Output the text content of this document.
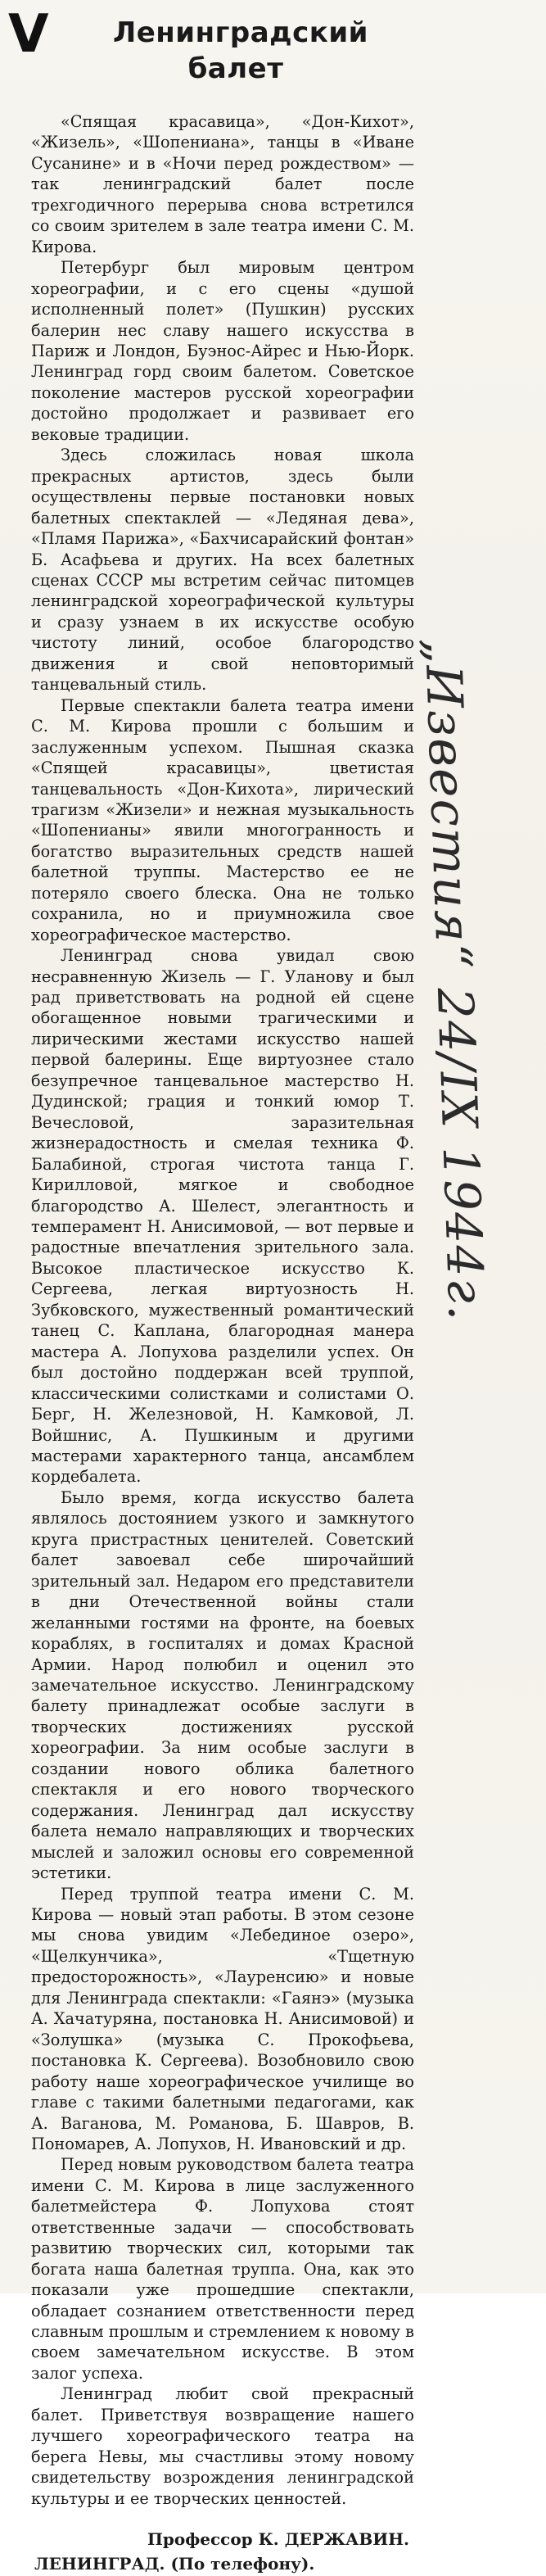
V Ленинградский
балет

«Спящая красавица», «Дон-Кихот», «Жизель», «Шопениана», танцы в «Иване Сусанине» и в «Ночи перед рождеством» — так ленинградский балет после трехгодичного перерыва снова встретился со своим зрителем в зале театра имени С. М. Кирова.

Петербург был мировым центром хореографии, и с его сцены «душой исполненный полет» (Пушкин) русских балерин нес славу нашего искусства в Париж и Лондон, Буэнос-Айрес и Нью-Йорк. Ленинград горд своим балетом. Советское поколение мастеров русской хореографии достойно продолжает и развивает его вековые традиции.

Здесь сложилась новая школа прекрасных артистов, здесь были осуществлены первые постановки новых балетных спектаклей — «Ледяная дева», «Пламя Парижа», «Бахчисарайский фонтан» Б. Асафьева и других. На всех балетных сценах СССР мы встретим сейчас питомцев ленинградской хореографической культуры и сразу узнаем в их искусстве особую чистоту линий, особое благородство движения и свой неповторимый танцевальный стиль.

Первые спектакли балета театра имени С. М. Кирова прошли с большим и заслуженным успехом. Пышная сказка «Спящей красавицы», цветистая танцевальность «Дон-Кихота», лирический трагизм «Жизели» и нежная музыкальность «Шопенианы» явили многогранность и богатство выразительных средств нашей балетной труппы. Мастерство ее не потеряло своего блеска. Она не только сохранила, но и приумножила свое хореографическое мастерство.

Ленинград снова увидал свою несравненную Жизель — Г. Уланову и был рад приветствовать на родной ей сцене обогащенное новыми трагическими и лирическими жестами искусство нашей первой балерины. Еще виртуознее стало безупречное танцевальное мастерство Н. Дудинской; грация и тонкий юмор Т. Вечесловой, заразительная жизнерадостность и смелая техника Ф. Балабиной, строгая чистота танца Г. Кирилловой, мягкое и свободное благородство А. Шелест, элегантность и темперамент Н. Анисимовой, — вот первые и радостные впечатления зрительного зала. Высокое пластическое искусство К. Сергеева, легкая виртуозность Н. Зубковского, мужественный романтический танец С. Каплана, благородная манера мастера А. Лопухова разделили успех. Он был достойно поддержан всей труппой, классическими солистками и солистами О. Берг, Н. Железновой, Н. Камковой, Л. Войшнис, А. Пушкиным и другими мастерами характерного танца, ансамблем кордебалета.

Было время, когда искусство балета являлось достоянием узкого и замкнутого круга пристрастных ценителей. Советский балет завоевал себе широчайший зрительный зал. Недаром его представители в дни Отечественной войны стали желанными гостями на фронте, на боевых кораблях, в госпиталях и домах Красной Армии. Народ полюбил и оценил это замечательное искусство. Ленинградскому балету принадлежат особые заслуги в творческих достижениях русской хореографии. За ним особые заслуги в создании нового облика балетного спектакля и его нового творческого содержания. Ленинград дал искусству балета немало направляющих и творческих мыслей и заложил основы его современной эстетики.

Перед труппой театра имени С. М. Кирова — новый этап работы. В этом сезоне мы снова увидим «Лебединое озеро», «Щелкунчика», «Тщетную предосторожность», «Лауренсию» и новые для Ленинграда спектакли: «Гаянэ» (музыка А. Хачатуряна, постановка Н. Анисимовой) и «Золушка» (музыка С. Прокофьева, постановка К. Сергеева). Возобновило свою работу наше хореографическое училище во главе с такими балетными педагогами, как А. Ваганова, М. Романова, Б. Шавров, В. Пономарев, А. Лопухов, Н. Ивановский и др.

Перед новым руководством балета театра имени С. М. Кирова в лице заслуженного балетмейстера Ф. Лопухова стоят ответственные задачи — способствовать развитию творческих сил, которыми так богата наша балетная труппа. Она, как это показали уже прошедшие спектакли, обладает сознанием ответственности перед славным прошлым и стремлением к новому в своем замечательном искусстве. В этом залог успеха.

Ленинград любит свой прекрасный балет. Приветствуя возвращение нашего лучшего хореографического театра на берега Невы, мы счастливы этому новому свидетельству возрождения ленинградской культуры и ее творческих ценностей.

Профессор К. ДЕРЖАВИН.
ЛЕНИНГРАД. (По телефону).
„Известия“ 24/IX 1944г.
